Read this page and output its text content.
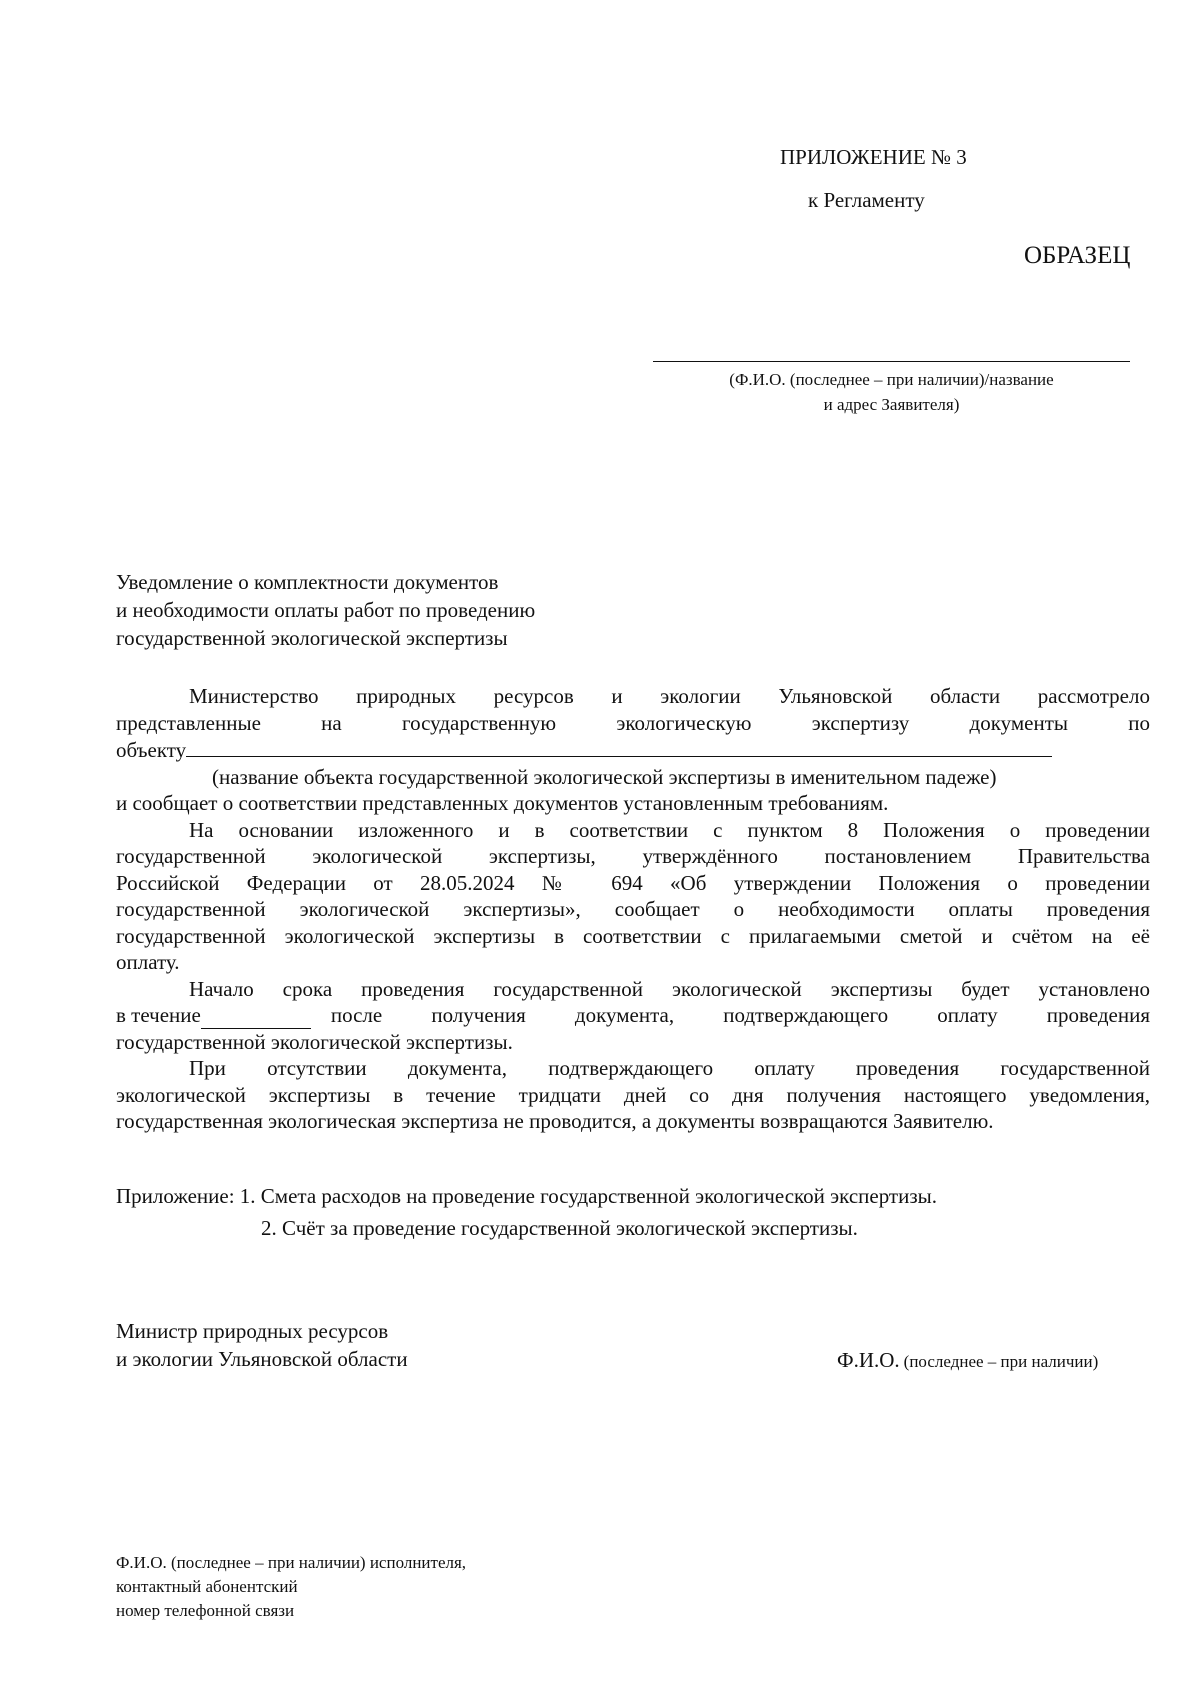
ПРИЛОЖЕНИЕ № 3
к Регламенту
ОБРАЗЕЦ
(Ф.И.О. (последнее – при наличии)/название
и адрес Заявителя)
Уведомление о комплектности документов
и необходимости оплаты работ по проведению
государственной экологической экспертизы

Министерство природных ресурсов и экологии Ульяновской области рассмотрело

представленные на государственную экологическую экспертизу документы по

объекту

(название объекта государственной экологической экспертизы в именительном падеже)

и сообщает о соответствии представленных документов установленным требованиям.

На основании изложенного и в соответствии с пунктом 8 Положения о проведении

государственной экологической экспертизы, утверждённого постановлением Правительства

Российской Федерации от 28.05.2024 № 694 «Об утверждении Положения о проведении

государственной экологической экспертизы», сообщает о необходимости оплаты проведения

государственной экологической экспертизы в соответствии с прилагаемыми сметой и счётом на её

оплату.

Начало срока проведения государственной экологической экспертизы будет установлено

в течение	после получения документа, подтверждающего оплату проведения

государственной экологической экспертизы.

При отсутствии документа, подтверждающего оплату проведения государственной

экологической экспертизы в течение тридцати дней со дня получения настоящего уведомления,

государственная экологическая экспертиза не проводится, а документы возвращаются Заявителю.

Приложение: 1. Смета расходов на проведение государственной экологической экспертизы.
2. Счёт за проведение государственной экологической экспертизы.
Министр природных ресурсов
и экологии Ульяновской области	Ф.И.О. (последнее – при наличии)
Ф.И.О. (последнее – при наличии) исполнителя,
контактный абонентский
номер телефонной связи
